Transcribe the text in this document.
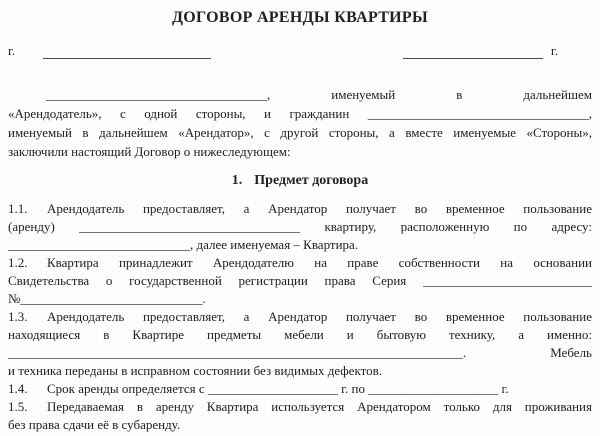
ДОГОВОР АРЕНДЫ КВАРТИРЫ
г.	г.
__________________________________, именуемый в дальнейшем
«Арендодатель», с одной стороны, и гражданин __________________________________,
именуемый в дальнейшем «Арендатор», с другой стороны, а вместе именуемые «Стороны»,
заключили настоящий Договор о нижеследующем:
1. Предмет договора
1.1. Арендодатель предоставляет, а Арендатор получает во временное пользование
(аренду) __________________________________ квартиру, расположенную по адресу:
____________________________, далее именуемая – Квартира.
1.2. Квартира принадлежит Арендодателю на праве собственности на основании
Свидетельства о государственной регистрации права Серия __________________________
№____________________________.
1.3. Арендодатель предоставляет, а Арендатор получает во временное пользование
находящиеся в Квартире предметы мебели и бытовую технику, а именно:
______________________________________________________________________. Мебель
и техника переданы в исправном состоянии без видимых дефектов.
1.4. Срок аренды определяется с ____________________ г. по ____________________ г.
1.5. Передаваемая в аренду Квартира используется Арендатором только для проживания
без права сдачи её в субаренду.
